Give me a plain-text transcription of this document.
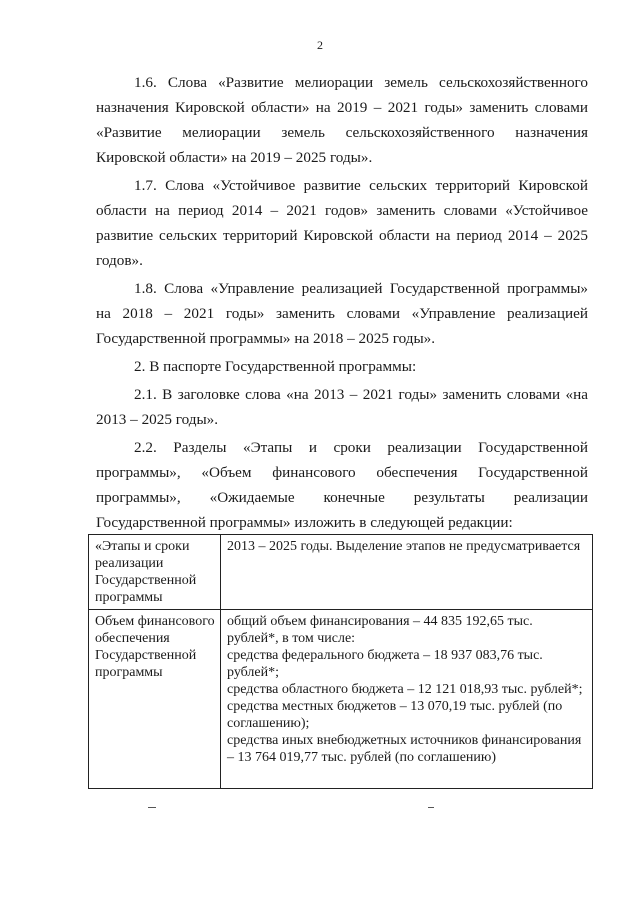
2

1.6. Слова «Развитие мелиорации земель сельскохозяйственного назначения Кировской области» на 2019 – 2021 годы» заменить словами «Развитие мелиорации земель сельскохозяйственного назначения Кировской области» на 2019 – 2025 годы».

1.7. Слова «Устойчивое развитие сельских территорий Кировской области на период 2014 – 2021 годов» заменить словами «Устойчивое развитие сельских территорий Кировской области на период 2014 – 2025 годов».

1.8. Слова «Управление реализацией Государственной программы» на 2018 – 2021 годы» заменить словами «Управление реализацией Государственной программы» на 2018 – 2025 годы».

2. В паспорте Государственной программы:

2.1. В заголовке слова «на 2013 – 2021 годы» заменить словами «на 2013 – 2025 годы».

2.2. Разделы «Этапы и сроки реализации Государственной программы», «Объем финансового обеспечения Государственной программы», «Ожидаемые конечные результаты реализации Государственной программы» изложить в следующей редакции:

«Этапы и сроки реализации Государственной программы	2013 – 2025 годы. Выделение этапов не предусматривается

Объем финансового обеспечения Государственной программы	общий объем финансирования – 44 835 192,65 тыс. рублей*, в том числе:
средства федерального бюджета – 18 937 083,76 тыс. рублей*;
средства областного бюджета – 12 121 018,93 тыс. рублей*;
средства местных бюджетов – 13 070,19 тыс. рублей (по соглашению);
средства иных внебюджетных источников финансирования – 13 764 019,77 тыс. рублей (по соглашению)
